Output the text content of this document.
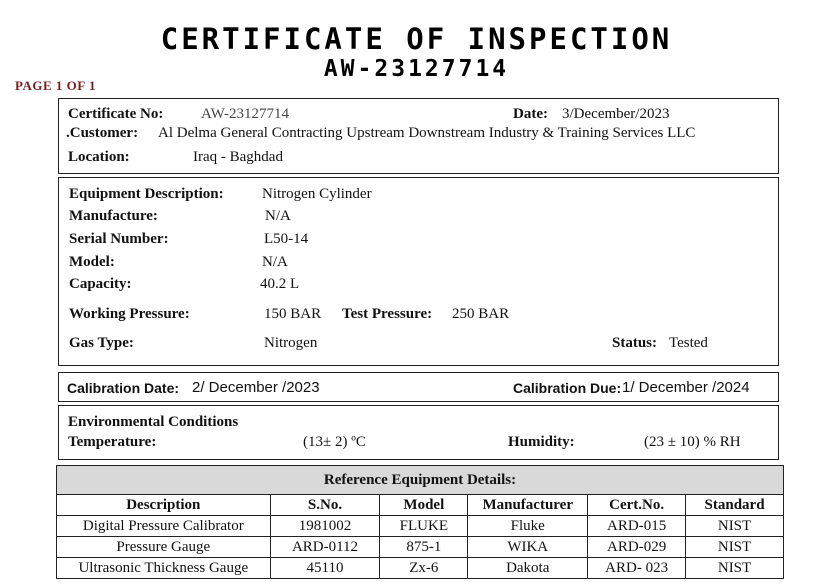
CERTIFICATE OF INSPECTION
AW-23127714
PAGE 1 OF 1
Certificate No:	AW-23127714	Date: 3/December/2023
.Customer: Al Delma General Contracting Upstream Downstream Industry & Training Services LLC
Location:	Iraq - Baghdad
Equipment Description:	Nitrogen Cylinder
Manufacture:	N/A
Serial Number:	L50-14
Model:	N/A
Capacity:	40.2 L
Working Pressure:	150 BAR Test Pressure: 250 BAR
Gas Type:	Nitrogen	Status: Tested
Calibration Date: 2/ December /2023	Calibration Due: 1/ December /2024
Environmental Conditions
Temperature:	(13± 2) ºC	Humidity:	(23 ± 10) % RH
Reference Equipment Details:					
Description	S.No.	Model	Manufacturer	Cert.No.	Standard
Digital Pressure Calibrator	1981002	FLUKE	Fluke	ARD-015	NIST
Pressure Gauge	ARD-0112	875-1	WIKA	ARD-029	NIST
Ultrasonic Thickness Gauge	45110	Zx-6	Dakota	ARD- 023	NIST
